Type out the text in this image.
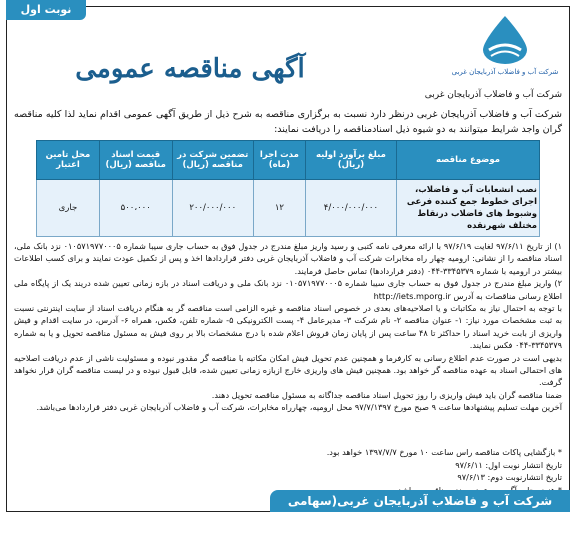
نوبت اول
شرکت آب و فاضلاب آذربایجان غربی
آگهی مناقصه عمومی
شرکت آب و فاضلاب آذربایجان غربی
شرکت آب و فاضلاب آذربایجان غربی درنظر دارد نسبت به برگزاری مناقصه به شرح ذیل از طریق آگهی عمومی اقدام نماید لذا کلیه مناقصه گران واجد شرایط میتوانند به دو شیوه ذیل اسنادمناقصه را دریافت نمایند:
موضوع مناقصه	مبلغ برآورد اولیه (ریال)	مدت اجرا (ماه)	تضمین شرکت در مناقصه (ریال)	قیمت اسناد مناقصه (ریال)	محل تامین اعتبار
نصب انشعابات آب و فاضلاب، اجرای خطوط جمع کننده فرعی وشبوط های فاضلاب درنقاط مختلف شهرنقده	۴/۰۰۰/۰۰۰/۰۰۰	۱۲	۲۰۰/۰۰۰/۰۰۰	۵۰۰،۰۰۰	جاری

۱) از تاریخ ۹۷/۶/۱۱ لغایت ۹۷/۶/۱۹ با ارائه معرفی نامه کتبی و رسید واریز مبلغ مندرج در جدول فوق به حساب جاری سیبا شماره ۰۱۰۵۷۱۹۷۷۰۰۰۵ نزد بانک ملی، اسناد مناقصه را از نشانی: ارومیه چهار راه مخابرات شرکت آب و فاضلاب آذربایجان غربی دفتر قراردادها اخذ و پس از تکمیل عودت نمایند و برای کسب اطلاعات بیشتر در ارومیه با شماره ۳۳۴۵۳۷۹-۰۴۴ (دفتر قراردادها) تماس حاصل فرمایند.

۲) واریز مبلغ مندرج در جدول فوق به حساب جاری سیبا شماره ۰۱۰۵۷۱۹۷۷۰۰۰۵ نزد بانک ملی و دریافت اسناد در بازه زمانی تعیین شده دریند یک از پایگاه ملی اطلاع رسانی مناقصات به آدرس http://iets.mporg.ir

با توجه به احتمال نیاز به مکاتبات و یا اصلاحیه‌های بعدی در خصوص اسناد مناقصه و غیره الزامی است مناقصه گر به هنگام دریافت اسناد از سایت اینترنتی نسبت به ثبت مشخصات مورد نیاز: ۱- عنوان مناقصه ۲- نام شرکت ۳- مدیرعامل ۴- پست الکترونیکی ۵- شماره تلفن، فکس، همراه ۶- آدرس، در سایت اقدام و فیش واریزی از بابت خرید اسناد را حداکثر تا ۴۸ ساعت پس از پایان زمان فروش اعلام شده با درج مشخصات بالا بر روی فیش به مسئول مناقصه تحویل و یا به شماره ۳۳۴۵۳۷۹-۰۴۴ فکس نمایند.

بدیهی است در صورت عدم اطلاع رسانی به کارفرما و همچنین عدم تحویل فیش امکان مکاتبه با مناقصه گر مقدور نبوده و مسئولیت ناشی از عدم دریافت اصلاحیه های احتمالی اسناد به عهده مناقصه گر خواهد بود. همچنین فیش های واریزی خارج ازبازه زمانی تعیین شده، قابل قبول نبوده و در لیست مناقصه گران قرار نخواهد گرفت.

ضمنا مناقصه گران باید فیش واریزی را روز تحویل اسناد مناقصه جداگانه به مسئول مناقصه تحویل دهند.

آخرین مهلت تسلیم پیشنهادها ساعت ۹ صبح مورخ ۹۷/۷/۱۳۹۷ محل ارومیه، چهارراه مخابرات، شرکت آب و فاضلاب آذربایجان غربی دفتر قراردادها می‌باشد.

* بازگشایی پاکات مناقصه راس ساعت ۱۰ مورخ ۱۳۹۷/۷/۷ خواهد بود.

تاریخ انتشار نوبت اول: ۹۷/۶/۱۱

تاریخ انتشارنوبت دوم: ۹۷/۶/۱۳

شرکت آب و فاضلاب آذربایجان غربی(سهامی خاص)
